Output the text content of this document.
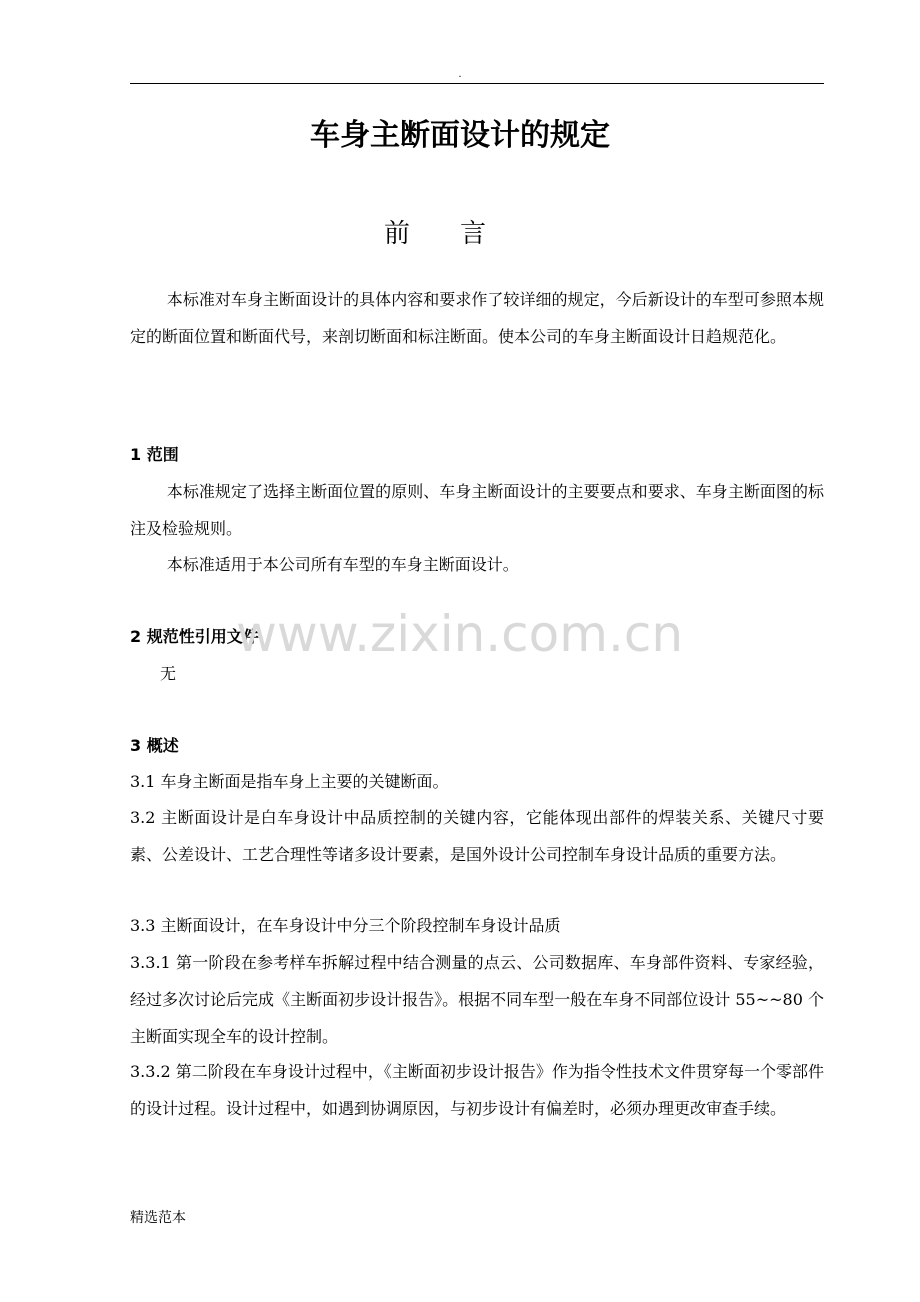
.
车身主断面设计的规定
前言

本标准对车身主断面设计的具体内容和要求作了较详细的规定，今后新设计的车型可参照本规定的断面位置和断面代号，来剖切断面和标注断面。使本公司的车身主断面设计日趋规范化。

1 范围

本标准规定了选择主断面位置的原则、车身主断面设计的主要要点和要求、车身主断面图的标注及检验规则。

本标准适用于本公司所有车型的车身主断面设计。

2 规范性引用文件

无

3 概述

3.1 车身主断面是指车身上主要的关键断面。

3.2 主断面设计是白车身设计中品质控制的关键内容，它能体现出部件的焊装关系、关键尺寸要素、公差设计、工艺合理性等诸多设计要素，是国外设计公司控制车身设计品质的重要方法。

3.3 主断面设计，在车身设计中分三个阶段控制车身设计品质

3.3.1 第一阶段在参考样车拆解过程中结合测量的点云、公司数据库、车身部件资料、专家经验，经过多次讨论后完成《主断面初步设计报告》。根据不同车型一般在车身不同部位设计 55~~80 个主断面实现全车的设计控制。

3.3.2 第二阶段在车身设计过程中，《主断面初步设计报告》作为指令性技术文件贯穿每一个零部件的设计过程。设计过程中，如遇到协调原因，与初步设计有偏差时，必须办理更改审查手续。

www.zixin.com.cn
精选范本
